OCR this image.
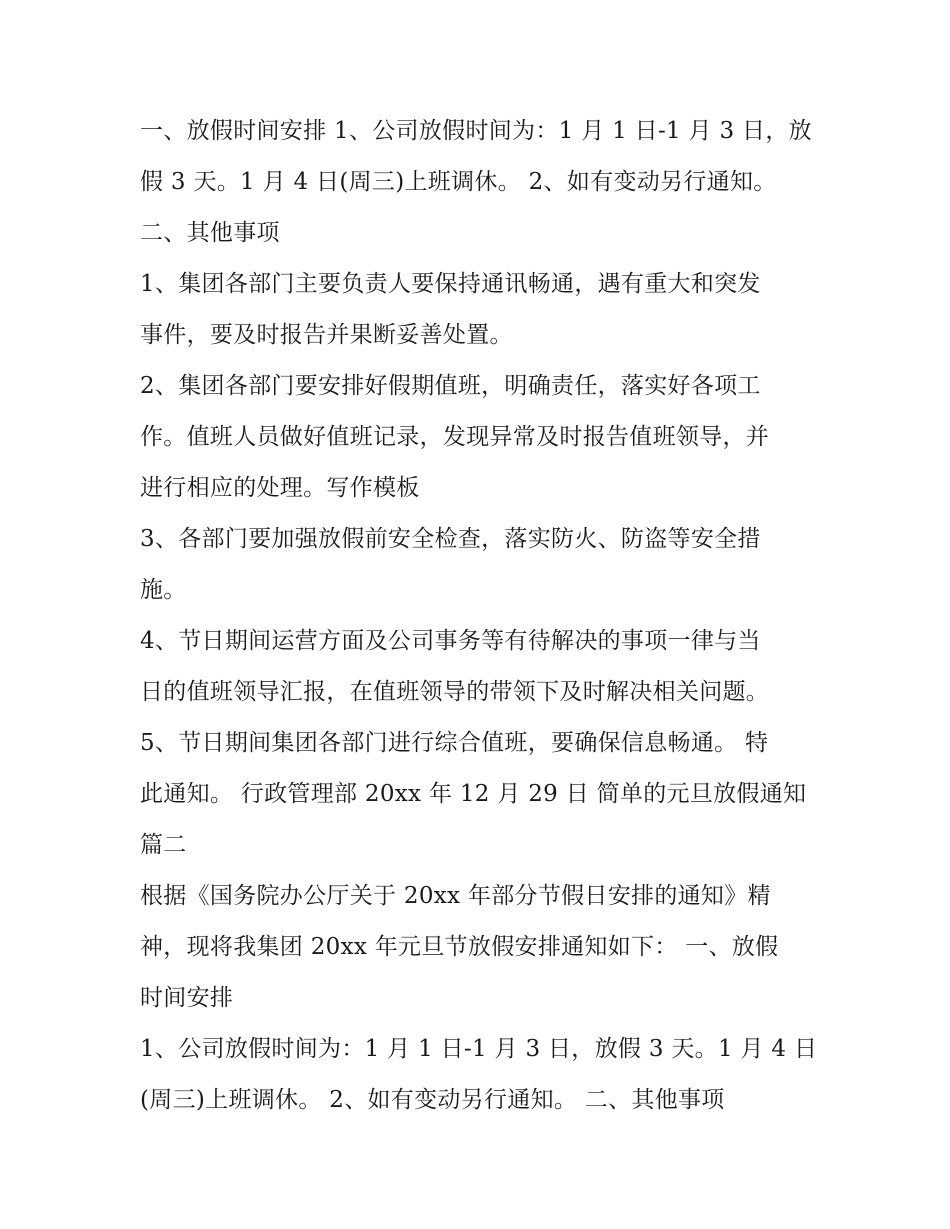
一、放假时间安排 1、公司放假时间为：1 月 1 日-1 月 3 日，放
假 3 天。1 月 4 日(周三)上班调休。 2、如有变动另行通知。
二、其他事项
1、集团各部门主要负责人要保持通讯畅通，遇有重大和突发
事件，要及时报告并果断妥善处置。
2、集团各部门要安排好假期值班，明确责任，落实好各项工
作。值班人员做好值班记录，发现异常及时报告值班领导，并
进行相应的处理。写作模板
3、各部门要加强放假前安全检查，落实防火、防盗等安全措
施。
4、节日期间运营方面及公司事务等有待解决的事项一律与当
日的值班领导汇报，在值班领导的带领下及时解决相关问题。
5、节日期间集团各部门进行综合值班，要确保信息畅通。 特
此通知。 行政管理部 20xx 年 12 月 29 日 简单的元旦放假通知
篇二
根据《国务院办公厅关于 20xx 年部分节假日安排的通知》精
神，现将我集团 20xx 年元旦节放假安排通知如下： 一、放假
时间安排
1、公司放假时间为：1 月 1 日-1 月 3 日，放假 3 天。1 月 4 日
(周三)上班调休。 2、如有变动另行通知。 二、其他事项
